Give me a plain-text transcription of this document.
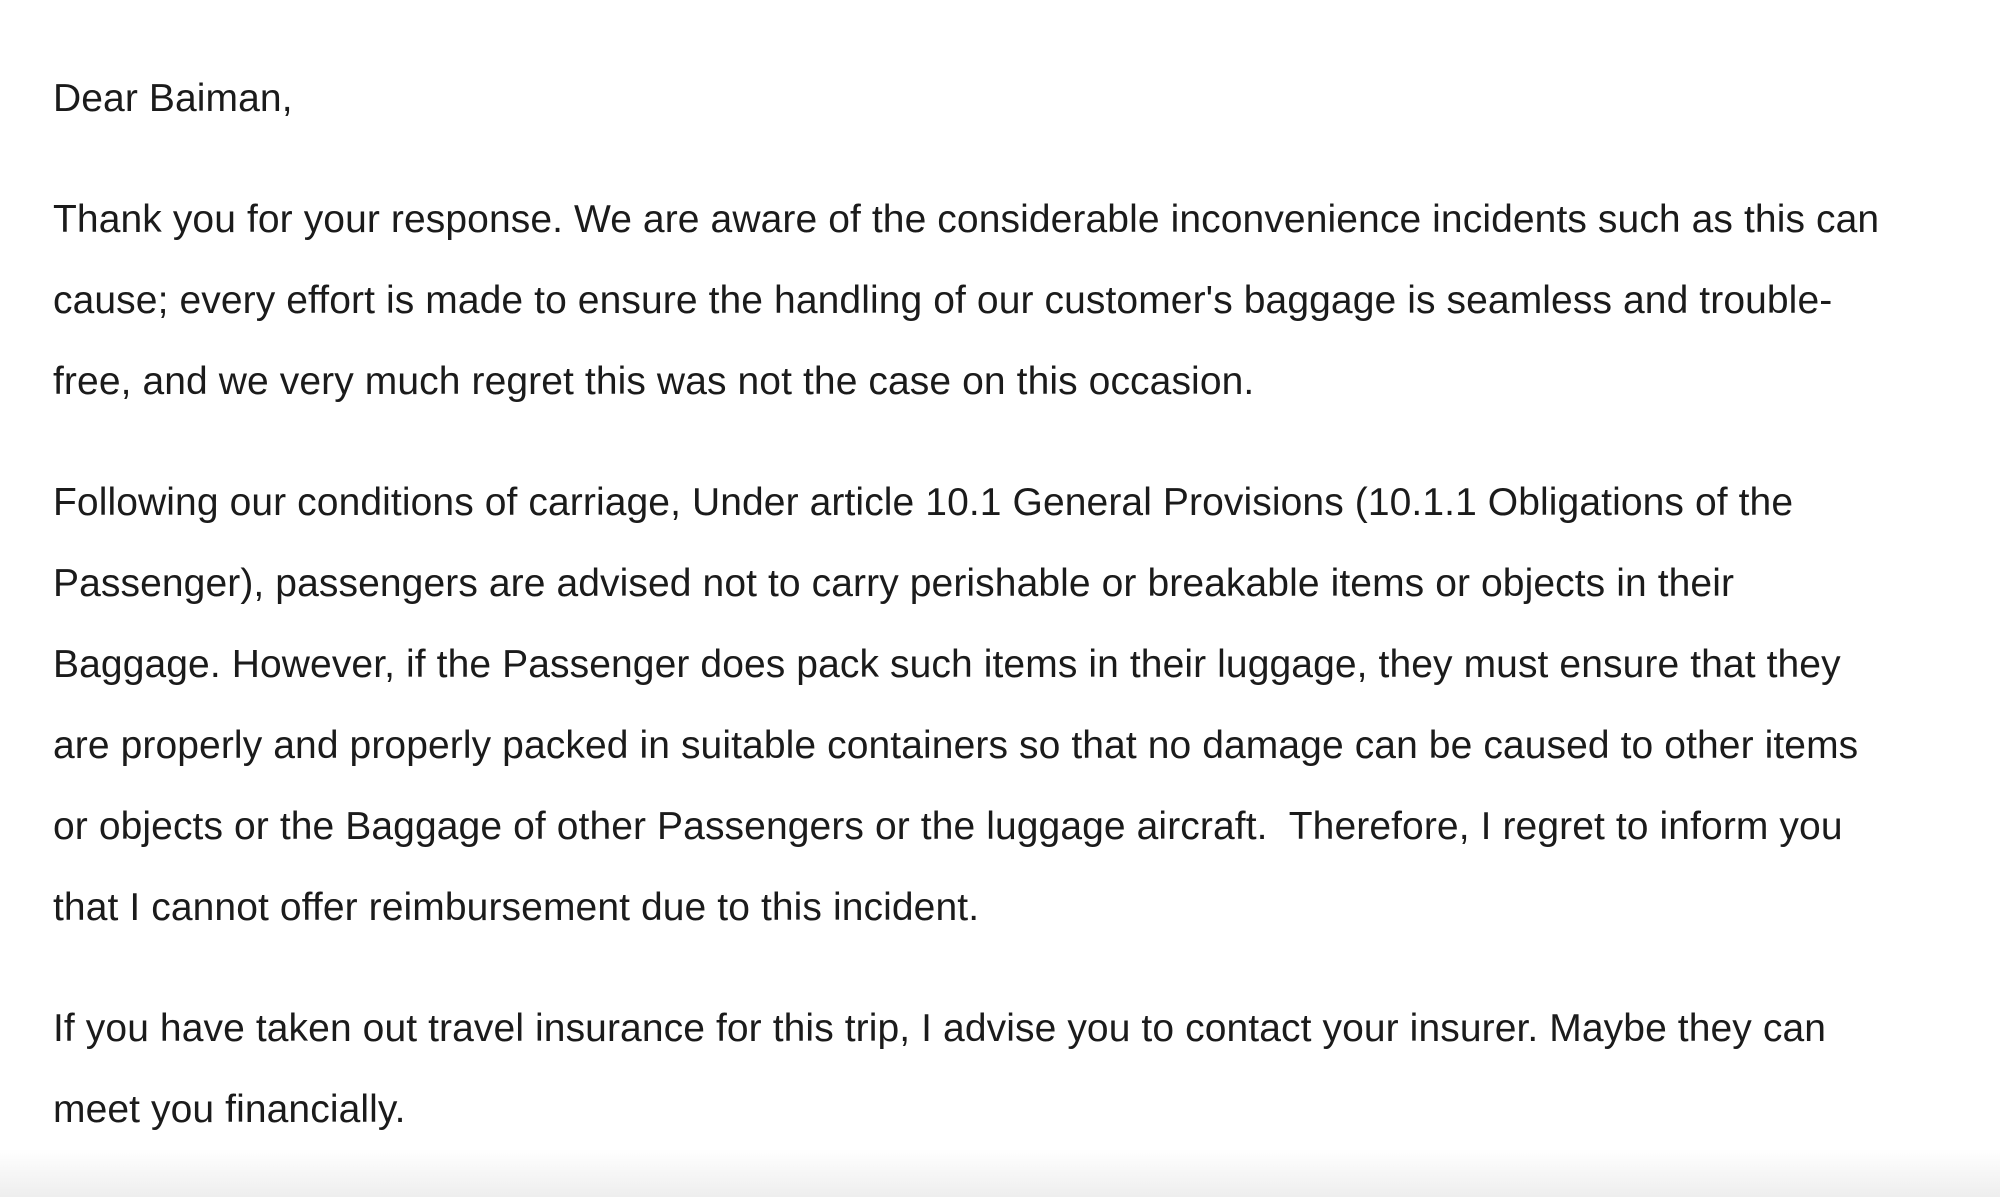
Dear Baiman,

Thank you for your response. We are aware of the considerable inconvenience incidents such as this can
cause; every effort is made to ensure the handling of our customer's baggage is seamless and trouble-
free, and we very much regret this was not the case on this occasion.

Following our conditions of carriage, Under article 10.1 General Provisions (10.1.1 Obligations of the
Passenger), passengers are advised not to carry perishable or breakable items or objects in their
Baggage. However, if the Passenger does pack such items in their luggage, they must ensure that they
are properly and properly packed in suitable containers so that no damage can be caused to other items
or objects or the Baggage of other Passengers or the luggage aircraft.  Therefore, I regret to inform you
that I cannot offer reimbursement due to this incident.

If you have taken out travel insurance for this trip, I advise you to contact your insurer. Maybe they can
meet you financially.
